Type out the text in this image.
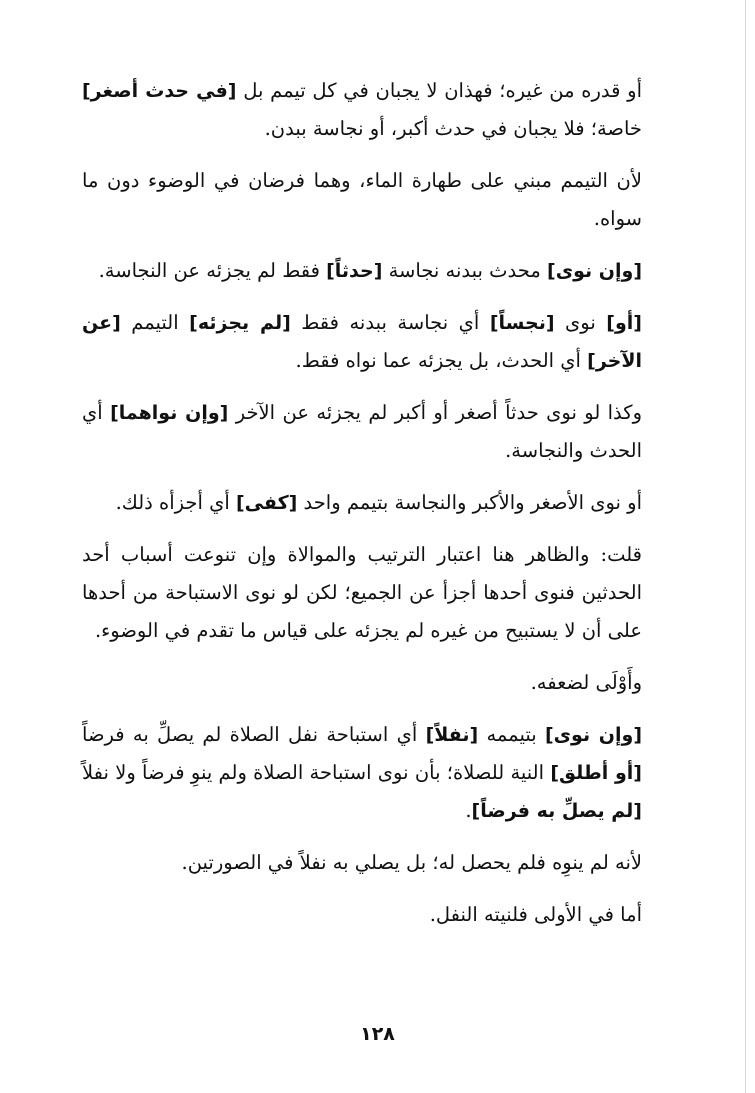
أو قدره من غيره؛ فهذان لا يجبان في كل تيمم بل [في حدث أصغر] خاصة؛ فلا يجبان في حدث أكبر، أو نجاسة ببدن.

لأن التيمم مبني على طهارة الماء، وهما فرضان في الوضوء دون ما سواه.

[وإن نوى] محدث ببدنه نجاسة [حدثاً] فقط لم يجزئه عن النجاسة.

[أو] نوى [نجساً] أي نجاسة ببدنه فقط [لم يجزئه] التيمم [عن الآخر] أي الحدث، بل يجزئه عما نواه فقط.

وكذا لو نوى حدثاً أصغر أو أكبر لم يجزئه عن الآخر [وإن نواهما] أي الحدث والنجاسة.

أو نوى الأصغر والأكبر والنجاسة بتيمم واحد [كفى] أي أجزأه ذلك.

قلت: والظاهر هنا اعتبار الترتيب والموالاة وإن تنوعت أسباب أحد الحدثين فنوى أحدها أجزأ عن الجميع؛ لكن لو نوى الاستباحة من أحدها على أن لا يستبيح من غيره لم يجزئه على قياس ما تقدم في الوضوء.

وأَوْلَى لضعفه.

[وإن نوى] بتيممه [نفلاً] أي استباحة نفل الصلاة لم يصلِّ به فرضاً [أو أطلق] النية للصلاة؛ بأن نوى استباحة الصلاة ولم ينوِ فرضاً ولا نفلاً [لم يصلِّ به فرضاً].

لأنه لم ينوِه فلم يحصل له؛ بل يصلي به نفلاً في الصورتين.

أما في الأولى فلنيته النفل.

١٢٨
